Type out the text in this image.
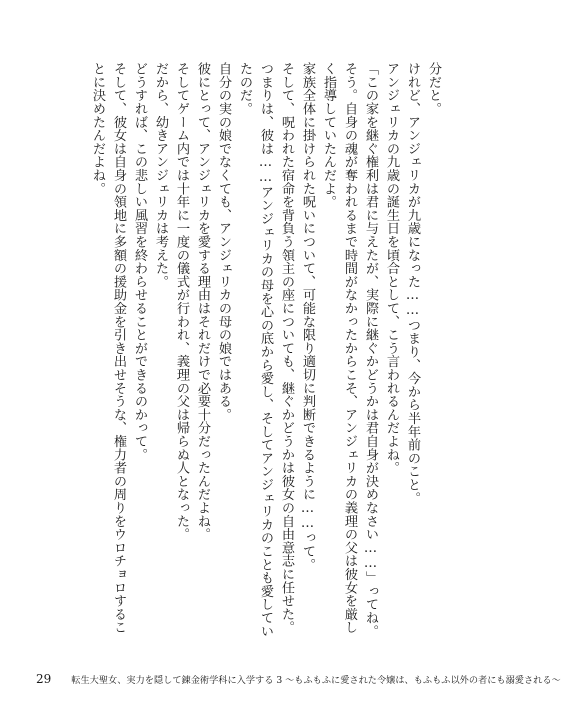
分だと。
けれど、アンジェリカが九歳になった……つまり、今から半年前のこと。
アンジェリカの九歳の誕生日を頃合として、こう言われるんだよね。
「この家を継ぐ権利は君に与えたが、実際に継ぐかどうかは君自身が決めなさい……」ってね。
そう。自身の魂が奪われるまで時間がなかったからこそ、アンジェリカの義理の父は彼女を厳し
く指導していたんだよ。
家族全体に掛けられた呪いについて、可能な限り適切に判断できるように……って。
そして、呪われた宿命を背負う領主の座についても、継ぐかどうかは彼女の自由意志に任せた。
つまりは、彼は……アンジェリカの母を心の底から愛し、そしてアンジェリカのことも愛してい
たのだ。
自分の実の娘でなくても、アンジェリカの母の娘ではある。
彼にとって、アンジェリカを愛する理由はそれだけで必要十分だったんだよね。
そしてゲーム内では十年に一度の儀式が行われ、義理の父は帰らぬ人となった。
だから、幼きアンジェリカは考えた。
どうすれば、この悲しい風習を終わらせることができるのかって。
そして、彼女は自身の領地に多額の援助金を引き出せそうな、権力者の周りをウロチョロするこ
とに決めたんだよね。
29 転生大聖女、実力を隠して錬金術学科に入学する 3 ～もふもふに愛された令嬢は、もふもふ以外の者にも溺愛される～
